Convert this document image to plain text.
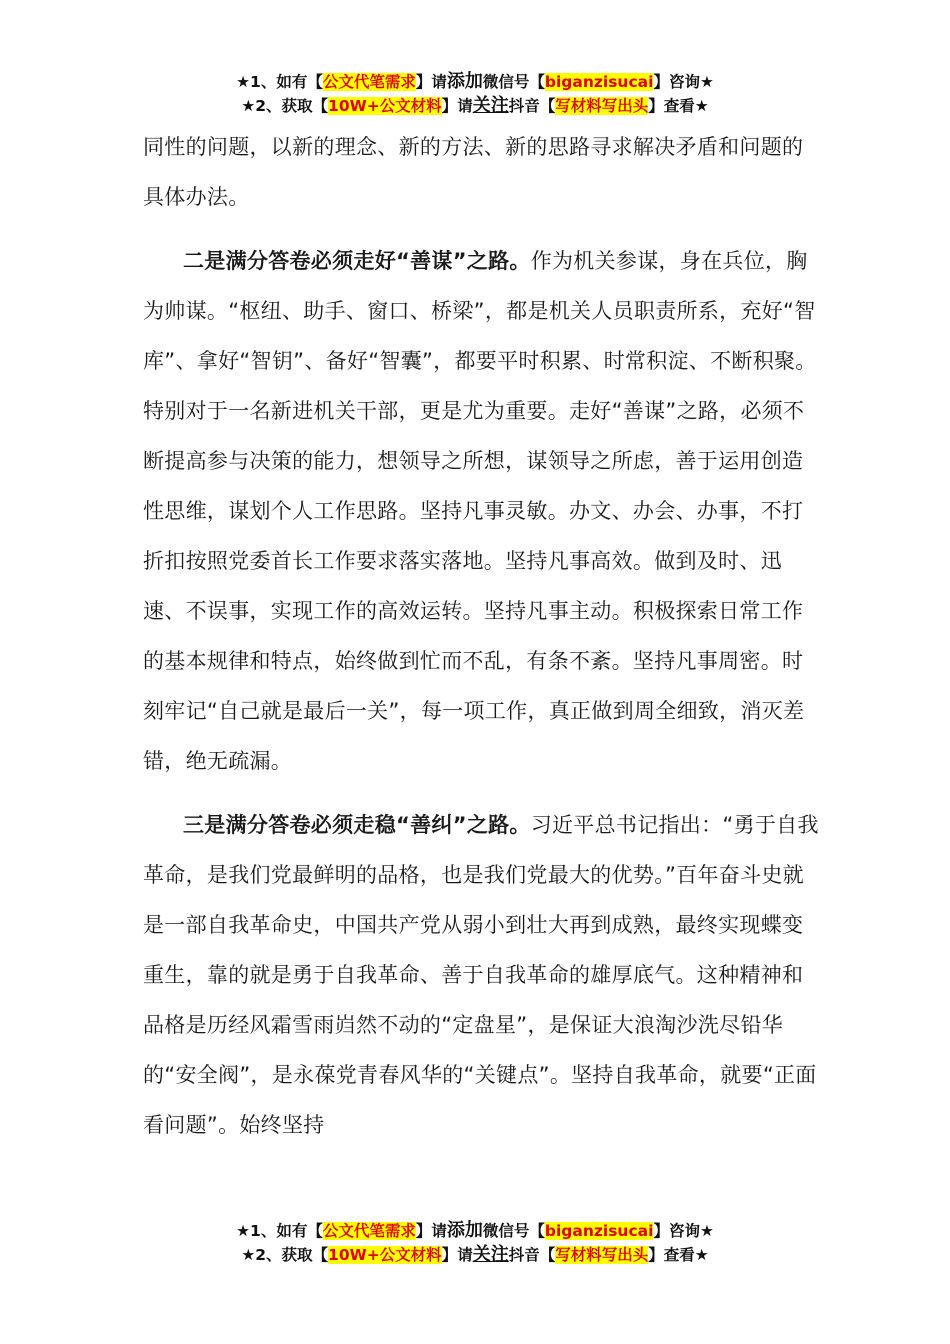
★1、如有【公文代笔需求】请添加微信号【biganzisucai】咨询★
★2、获取【10W+公文材料】请关注抖音【写材料写出头】查看★

同性的问题，以新的理念、新的方法、新的思路寻求解决矛盾和问题的具体办法。

二是满分答卷必须走好“善谋”之路。作为机关参谋，身在兵位，胸为帅谋。“枢纽、助手、窗口、桥梁”，都是机关人员职责所系，充好“智库”、拿好“智钥”、备好“智囊”，都要平时积累、时常积淀、不断积聚。特别对于一名新进机关干部，更是尤为重要。走好“善谋”之路，必须不断提高参与决策的能力，想领导之所想，谋领导之所虑，善于运用创造性思维，谋划个人工作思路。坚持凡事灵敏。办文、办会、办事，不打折扣按照党委首长工作要求落实落地。坚持凡事高效。做到及时、迅速、不误事，实现工作的高效运转。坚持凡事主动。积极探索日常工作的基本规律和特点，始终做到忙而不乱，有条不紊。坚持凡事周密。时刻牢记“自己就是最后一关”，每一项工作，真正做到周全细致，消灭差错，绝无疏漏。

三是满分答卷必须走稳“善纠”之路。习近平总书记指出：“勇于自我革命，是我们党最鲜明的品格，也是我们党最大的优势。”百年奋斗史就是一部自我革命史，中国共产党从弱小到壮大再到成熟，最终实现蝶变重生，靠的就是勇于自我革命、善于自我革命的雄厚底气。这种精神和品格是历经风霜雪雨岿然不动的“定盘星”，是保证大浪淘沙洗尽铅华的“安全阀”，是永葆党青春风华的“关键点”。坚持自我革命，就要“正面看问题”。始终坚持

★1、如有【公文代笔需求】请添加微信号【biganzisucai】咨询★
★2、获取【10W+公文材料】请关注抖音【写材料写出头】查看★
